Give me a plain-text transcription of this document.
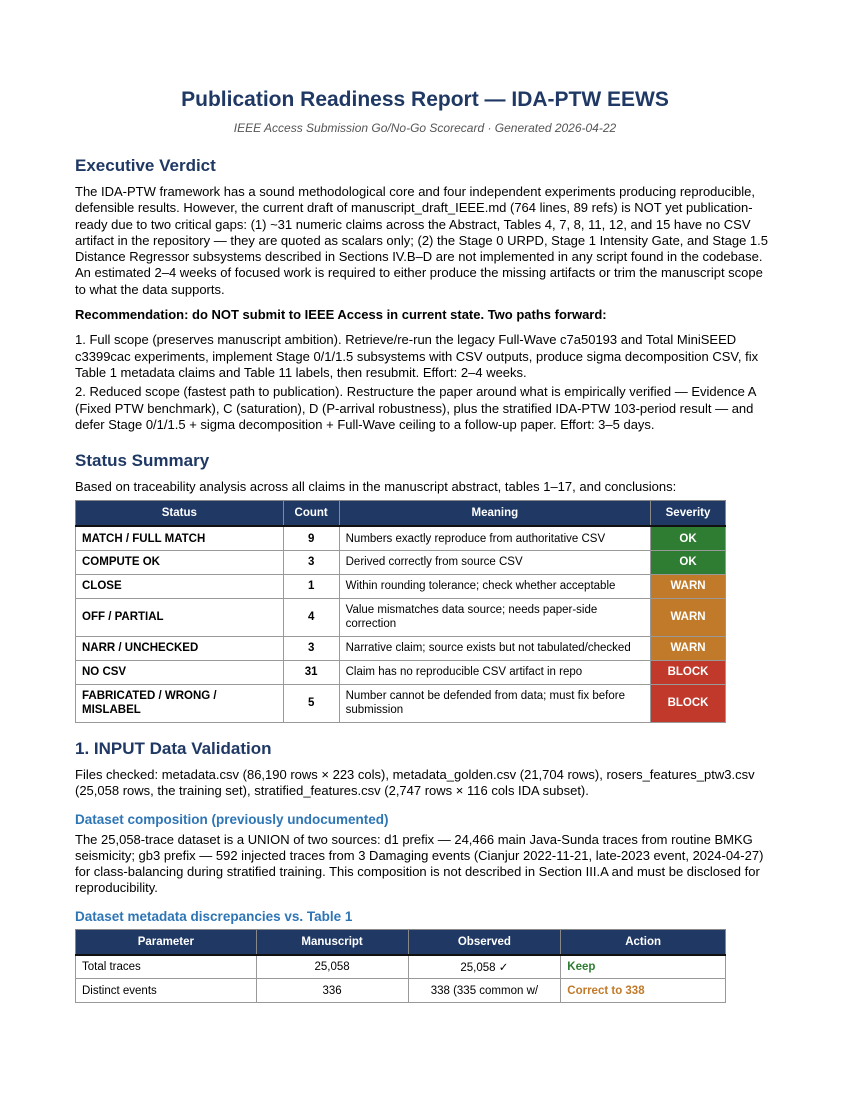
Publication Readiness Report — IDA-PTW EEWS
IEEE Access Submission Go/No-Go Scorecard · Generated 2026-04-22
Executive Verdict

The IDA-PTW framework has a sound methodological core and four independent experiments producing reproducible, defensible results. However, the current draft of manuscript_draft_IEEE.md (764 lines, 89 refs) is NOT yet publication-ready due to two critical gaps: (1) ~31 numeric claims across the Abstract, Tables 4, 7, 8, 11, 12, and 15 have no CSV artifact in the repository — they are quoted as scalars only; (2) the Stage 0 URPD, Stage 1 Intensity Gate, and Stage 1.5 Distance Regressor subsystems described in Sections IV.B–D are not implemented in any script found in the codebase. An estimated 2–4 weeks of focused work is required to either produce the missing artifacts or trim the manuscript scope to what the data supports.

Recommendation: do NOT submit to IEEE Access in current state. Two paths forward:

1. Full scope (preserves manuscript ambition). Retrieve/re-run the legacy Full-Wave c7a50193 and Total MiniSEED c3399cac experiments, implement Stage 0/1/1.5 subsystems with CSV outputs, produce sigma decomposition CSV, fix Table 1 metadata claims and Table 11 labels, then resubmit. Effort: 2–4 weeks.

2. Reduced scope (fastest path to publication). Restructure the paper around what is empirically verified — Evidence A (Fixed PTW benchmark), C (saturation), D (P-arrival robustness), plus the stratified IDA-PTW 103-period result — and defer Stage 0/1/1.5 + sigma decomposition + Full-Wave ceiling to a follow-up paper. Effort: 3–5 days.

Status Summary

Based on traceability analysis across all claims in the manuscript abstract, tables 1–17, and conclusions:

Status	Count	Meaning	Severity
MATCH / FULL MATCH	9	Numbers exactly reproduce from authoritative CSV	OK
COMPUTE OK	3	Derived correctly from source CSV	OK
CLOSE	1	Within rounding tolerance; check whether acceptable	WARN
OFF / PARTIAL	4	Value mismatches data source; needs paper-side correction	WARN
NARR / UNCHECKED	3	Narrative claim; source exists but not tabulated/checked	WARN
NO CSV	31	Claim has no reproducible CSV artifact in repo	BLOCK
FABRICATED / WRONG / MISLABEL	5	Number cannot be defended from data; must fix before submission	BLOCK
1. INPUT Data Validation

Files checked: metadata.csv (86,190 rows × 223 cols), metadata_golden.csv (21,704 rows), rosers_features_ptw3.csv (25,058 rows, the training set), stratified_features.csv (2,747 rows × 116 cols IDA subset).

Dataset composition (previously undocumented)

The 25,058-trace dataset is a UNION of two sources: d1 prefix — 24,466 main Java-Sunda traces from routine BMKG seismicity; gb3 prefix — 592 injected traces from 3 Damaging events (Cianjur 2022-11-21, late-2023 event, 2024-04-27) for class-balancing during stratified training. This composition is not described in Section III.A and must be disclosed for reproducibility.

Dataset metadata discrepancies vs. Table 1
Parameter	Manuscript	Observed	Action
Total traces	25,058	25,058 ✓	Keep
Distinct events	336	338 (335 common w/	Correct to 338
